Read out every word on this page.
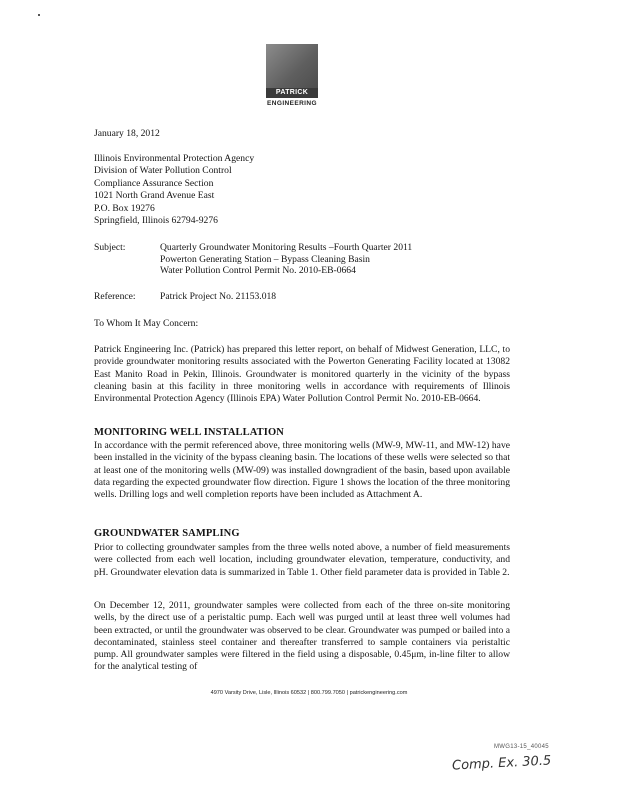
PATRICK
ENGINEERING
January 18, 2012
Illinois Environmental Protection Agency
Division of Water Pollution Control
Compliance Assurance Section
1021 North Grand Avenue East
P.O. Box 19276
Springfield, Illinois 62794-9276
Subject:	Quarterly Groundwater Monitoring Results –Fourth Quarter 2011
Powerton Generating Station – Bypass Cleaning Basin
Water Pollution Control Permit No. 2010-EB-0664
Reference:	Patrick Project No. 21153.018
To Whom It May Concern:
Patrick Engineering Inc. (Patrick) has prepared this letter report, on behalf of Midwest Generation, LLC, to provide groundwater monitoring results associated with the Powerton Generating Facility located at 13082 East Manito Road in Pekin, Illinois. Groundwater is monitored quarterly in the vicinity of the bypass cleaning basin at this facility in three monitoring wells in accordance with requirements of Illinois Environmental Protection Agency (Illinois EPA) Water Pollution Control Permit No. 2010-EB-0664.
MONITORING WELL INSTALLATION
In accordance with the permit referenced above, three monitoring wells (MW-9, MW-11, and MW-12) have been installed in the vicinity of the bypass cleaning basin. The locations of these wells were selected so that at least one of the monitoring wells (MW-09) was installed downgradient of the basin, based upon available data regarding the expected groundwater flow direction. Figure 1 shows the location of the three monitoring wells. Drilling logs and well completion reports have been included as Attachment A.
GROUNDWATER SAMPLING
Prior to collecting groundwater samples from the three wells noted above, a number of field measurements were collected from each well location, including groundwater elevation, temperature, conductivity, and pH. Groundwater elevation data is summarized in Table 1. Other field parameter data is provided in Table 2.
On December 12, 2011, groundwater samples were collected from each of the three on-site monitoring wells, by the direct use of a peristaltic pump. Each well was purged until at least three well volumes had been extracted, or until the groundwater was observed to be clear. Groundwater was pumped or bailed into a decontaminated, stainless steel container and thereafter transferred to sample containers via peristaltic pump. All groundwater samples were filtered in the field using a disposable, 0.45μm, in-line filter to allow for the analytical testing of
4970 Varsity Drive, Lisle, Illinois 60532 | 800.799.7050 | patrickengineering.com
MWG13-15_40045
Comp. Ex. 30.5
